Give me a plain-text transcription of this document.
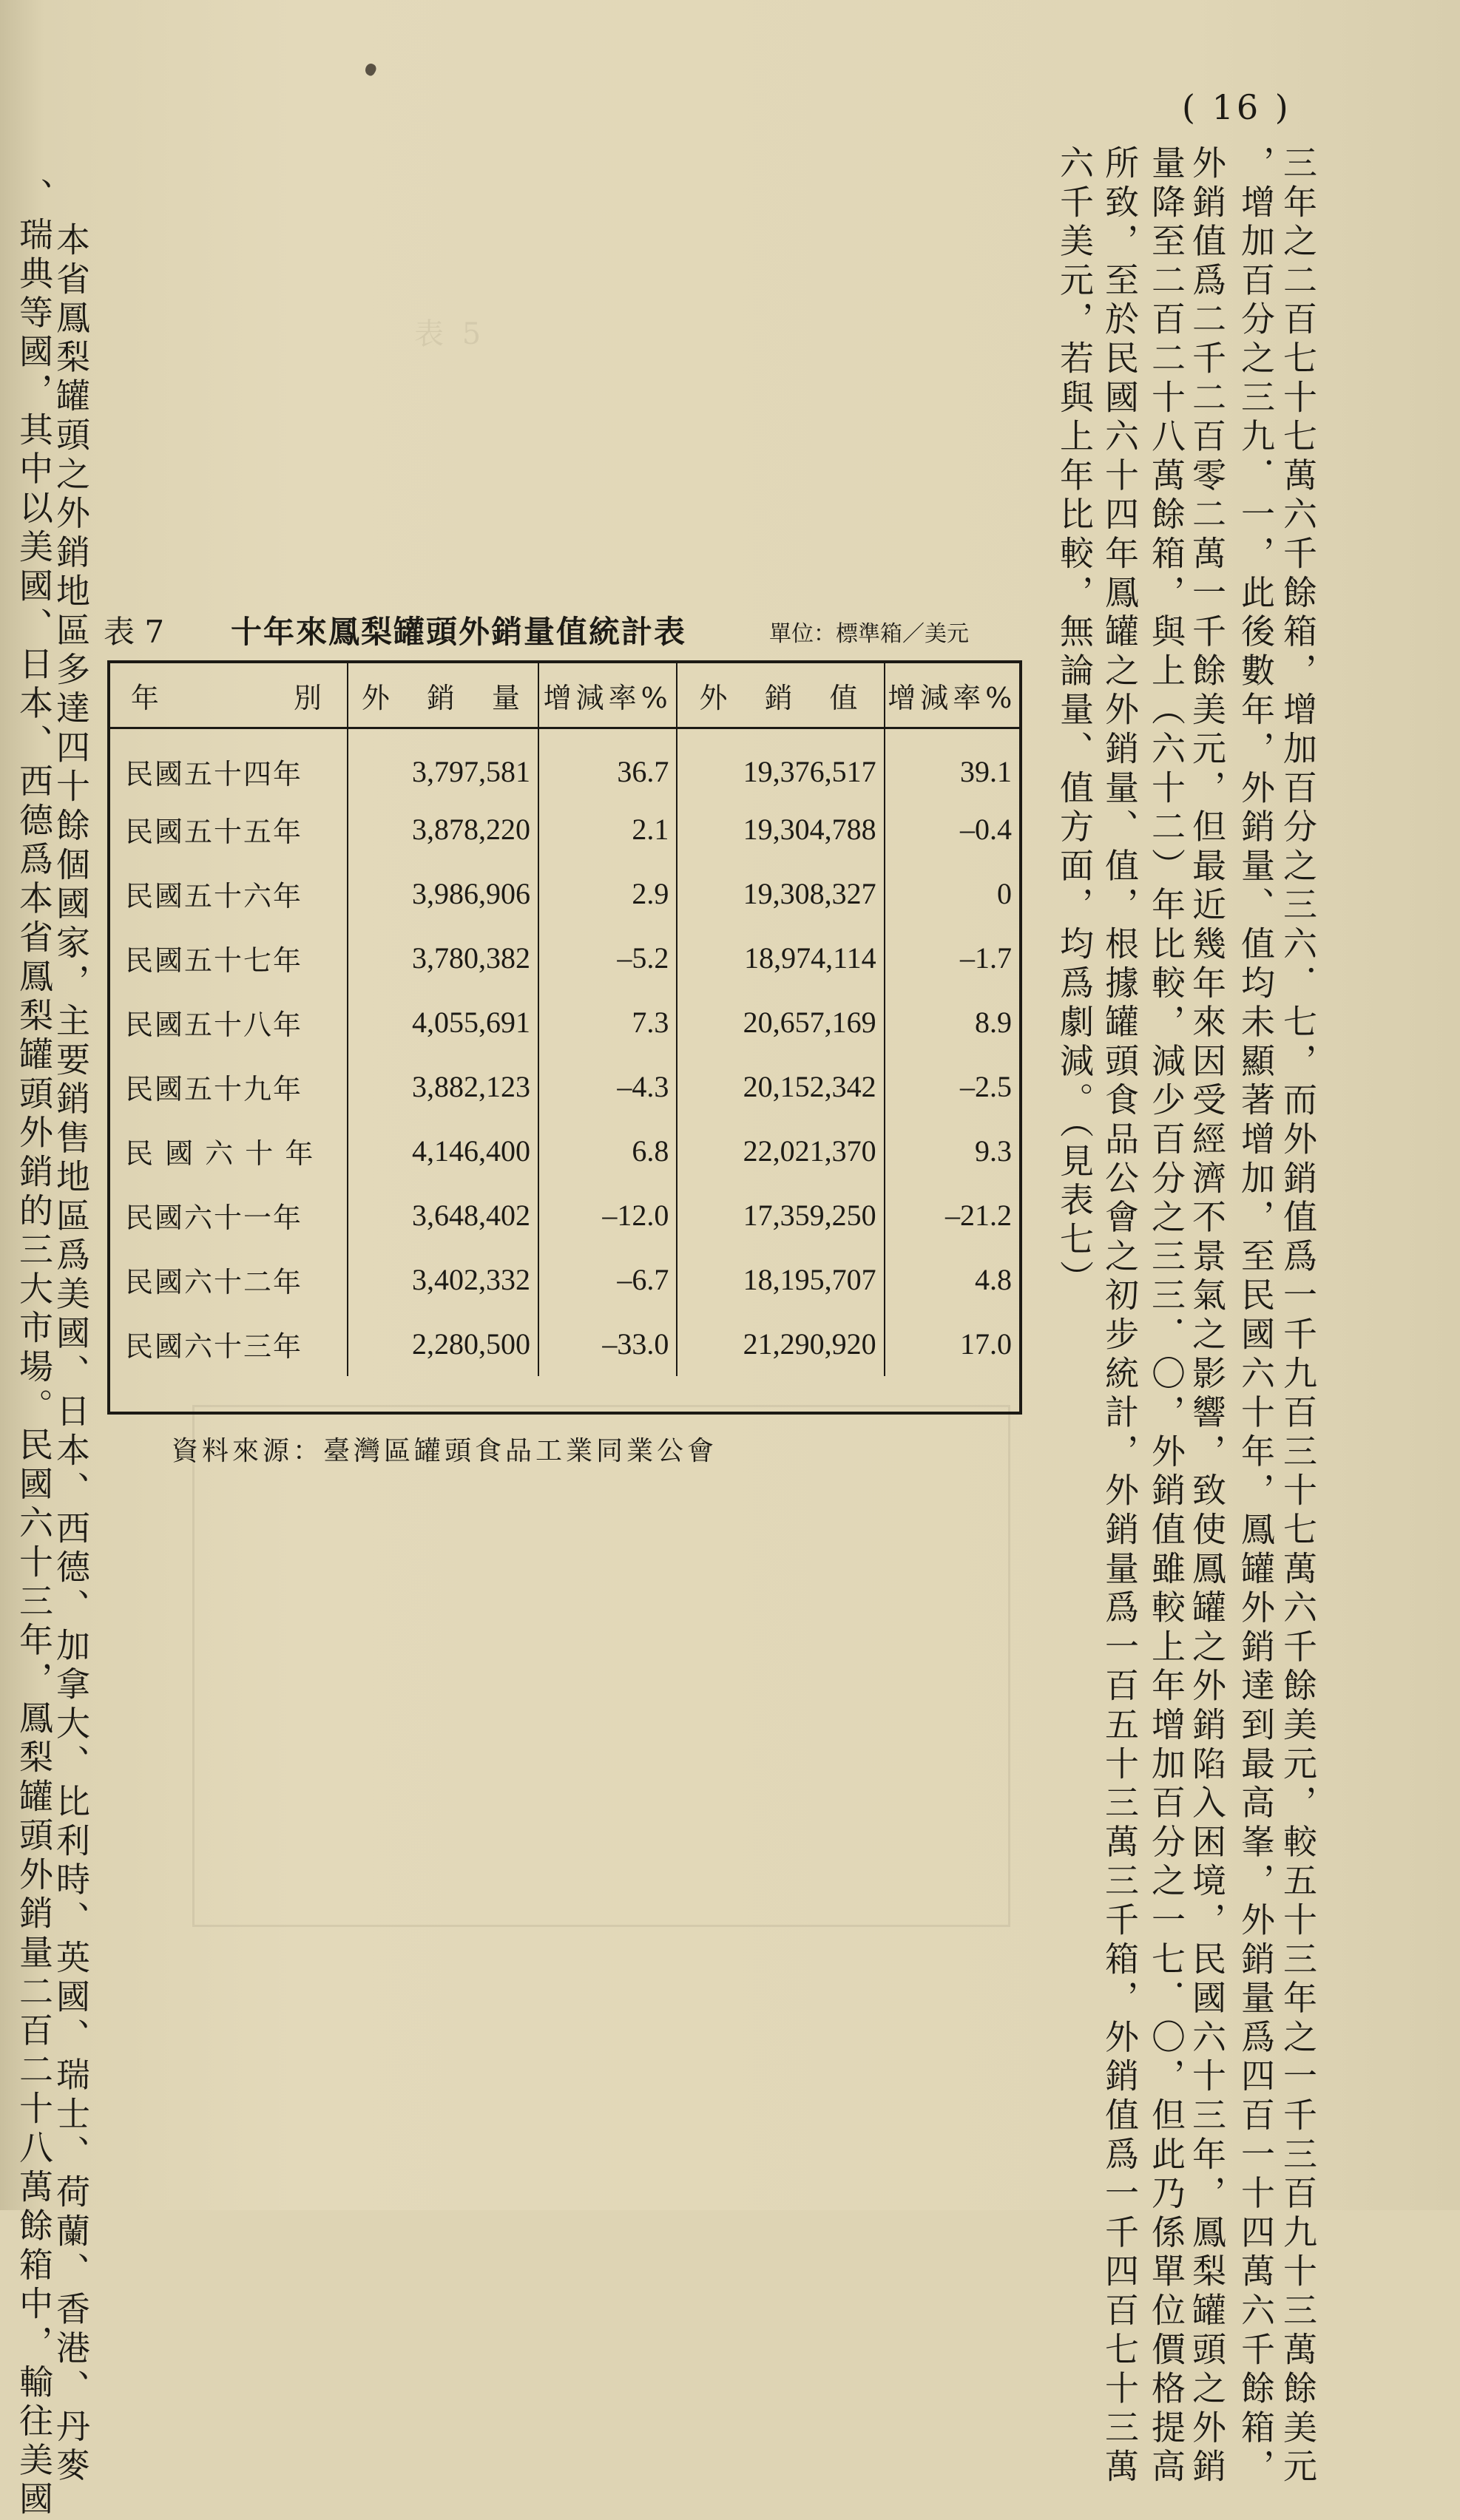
表 5　　　　　　　　　　　　　　　　
( 16 )
三年之二百七十七萬六千餘箱，增加百分之三六．七，而外銷值爲一千九百三十七萬六千餘美元，較五十三年之一千三百九十三萬餘美元
，增加百分之三九．一，此後數年，外銷量、值均未顯著增加，至民國六十年，鳳罐外銷達到最高峯，外銷量爲四百一十四萬六千餘箱，
外銷值爲二千二百零二萬一千餘美元，但最近幾年來因受經濟不景氣之影響，致使鳳罐之外銷陷入困境，民國六十三年，鳳梨罐頭之外銷
量降至二百二十八萬餘箱，與上（六十二）年比較，減少百分之三三．〇，外銷值雖較上年增加百分之一七．〇，但此乃係單位價格提高
所致，至於民國六十四年鳳罐之外銷量、值，根據罐頭食品公會之初步統計，外銷量爲一百五十三萬三千箱，外銷值爲一千四百七十三萬
六千美元，若與上年比較，無論量、值方面，均爲劇減。（見表七）
本省鳳梨罐頭之外銷地區多達四十餘個國家，主要銷售地區爲美國、日本、西德、加拿大、比利時、英國、瑞士、荷蘭、香港、丹麥
、瑞典等國，其中以美國、日本、西德爲本省鳳梨罐頭外銷的三大市場。民國六十三年，鳳梨罐頭外銷量二百二十八萬餘箱中，輸往美國 表 7 十年來鳳梨罐頭外銷量值統計表	單位：標準箱／美元
年　　　　別	外　銷　量	增減率%	外　銷　值	增減率%
民國五十四年	3,797,581	36.7	19,376,517	39.1
民國五十五年	3,878,220	2.1	19,304,788	–0.4
民國五十六年	3,986,906	2.9	19,308,327	0
民國五十七年	3,780,382	–5.2	18,974,114	–1.7
民國五十八年	4,055,691	7.3	20,657,169	8.9
民國五十九年	3,882,123	–4.3	20,152,342	–2.5
民 國 六 十 年	4,146,400	6.8	22,021,370	9.3
民國六十一年	3,648,402	–12.0	17,359,250	–21.2
民國六十二年	3,402,332	–6.7	18,195,707	4.8
民國六十三年	2,280,500	–33.0	21,290,920	17.0
資料來源：臺灣區罐頭食品工業同業公會
